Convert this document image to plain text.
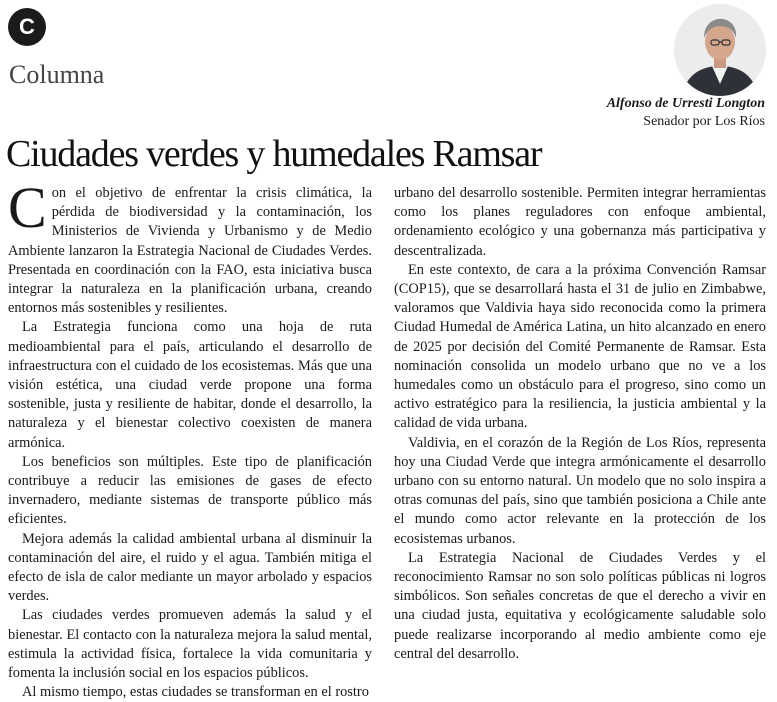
C
Columna
Alfonso de Urresti Longton
Senador por Los Ríos
Ciudades verdes y humedales Ramsar

Con el objetivo de enfrentar la crisis climática, la pérdida de biodiversidad y la contaminación, los Ministerios de Vivienda y Urbanismo y de Medio Ambiente lanzaron la Estrategia Nacional de Ciudades Verdes. Presentada en coordinación con la FAO, esta iniciativa busca integrar la naturaleza en la planificación urbana, creando entornos más sostenibles y resilientes.

La Estrategia funciona como una hoja de ruta medioambiental para el país, articulando el desarrollo de infraestructura con el cuidado de los ecosistemas. Más que una visión estética, una ciudad verde propone una forma sostenible, justa y resiliente de habitar, donde el desarrollo, la naturaleza y el bienestar colectivo coexisten de manera armónica.

Los beneficios son múltiples. Este tipo de planificación contribuye a reducir las emisiones de gases de efecto invernadero, mediante sistemas de transporte público más eficientes.

Mejora además la calidad ambiental urbana al disminuir la contaminación del aire, el ruido y el agua. También mitiga el efecto de isla de calor mediante un mayor arbolado y espacios verdes.

Las ciudades verdes promueven además la salud y el bienestar. El contacto con la naturaleza mejora la salud mental, estimula la actividad física, fortalece la vida comunitaria y fomenta la inclusión social en los espacios públicos.

Al mismo tiempo, estas ciudades se transforman en el rostro

urbano del desarrollo sostenible. Permiten integrar herramientas como los planes reguladores con enfoque ambiental, ordenamiento ecológico y una gobernanza más participativa y descentralizada.

En este contexto, de cara a la próxima Convención Ramsar (COP15), que se desarrollará hasta el 31 de julio en Zimbabwe, valoramos que Valdivia haya sido reconocida como la primera Ciudad Humedal de América Latina, un hito alcanzado en enero de 2025 por decisión del Comité Permanente de Ramsar. Esta nominación consolida un modelo urbano que no ve a los humedales como un obstáculo para el progreso, sino como un activo estratégico para la resiliencia, la justicia ambiental y la calidad de vida urbana.

Valdivia, en el corazón de la Región de Los Ríos, representa hoy una Ciudad Verde que integra armónicamente el desarrollo urbano con su entorno natural. Un modelo que no solo inspira a otras comunas del país, sino que también posiciona a Chile ante el mundo como actor relevante en la protección de los ecosistemas urbanos.

La Estrategia Nacional de Ciudades Verdes y el reconocimiento Ramsar no son solo políticas públicas ni logros simbólicos. Son señales concretas de que el derecho a vivir en una ciudad justa, equitativa y ecológicamente saludable solo puede realizarse incorporando al medio ambiente como eje central del desarrollo.
